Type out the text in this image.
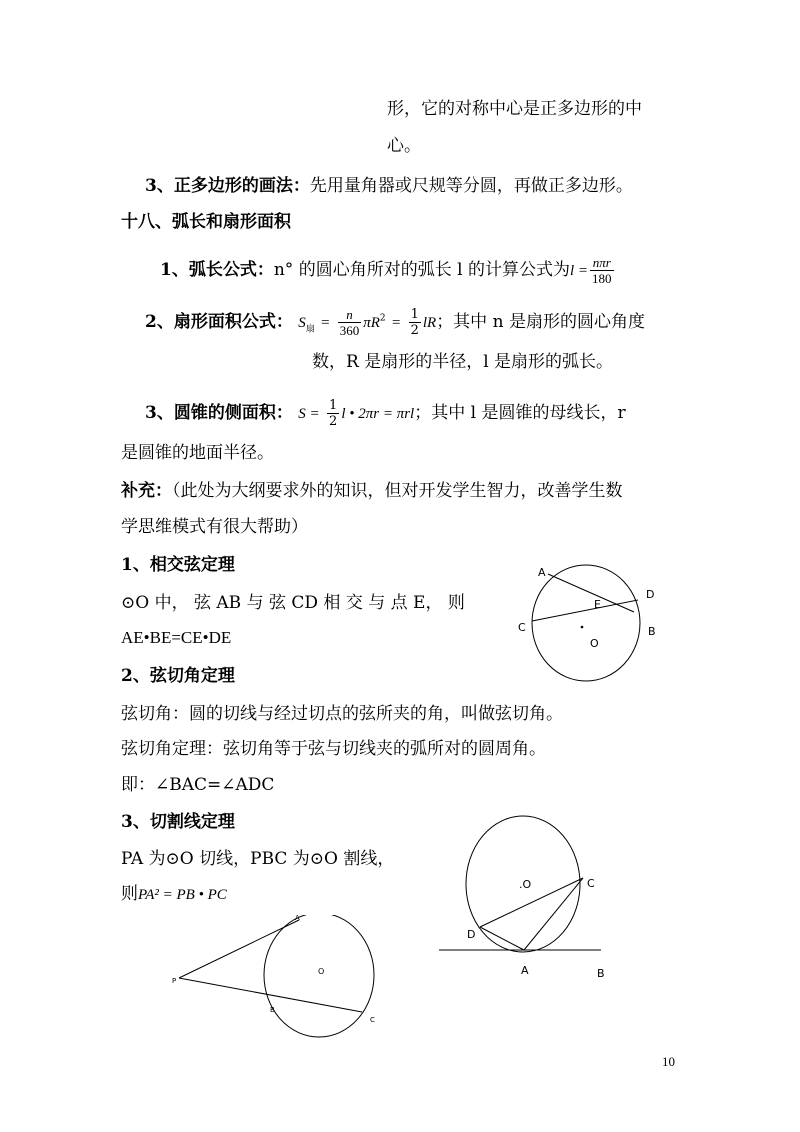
形，它的对称中心是正多边形的中
心。
3、正多边形的画法：先用量角器或尺规等分圆，再做正多边形。
十八、弧长和扇形面积
1、弧长公式：n° 的圆心角所对的弧长 l 的计算公式为$l = \frac{\text{nπr}}{180}$
2、扇形面积公式： $S_扇 = \frac{n}{360} \pi R^2 = \frac{1}{2}$ lR；其中 n 是扇形的圆心角度
数，R 是扇形的半径，l 是扇形的弧长。
3、圆锥的侧面积： $S = \frac{1}{2}$ l • 2πr = πrl；其中 l 是圆锥的母线长，r
是圆锥的地面半径。
补充：（此处为大纲要求外的知识，但对开发学生智力，改善学生数
学思维模式有很大帮助）
1、相交弦定理
⊙O 中， 弦 AB 与 弦 CD 相 交 与 点 E， 则
AE•BE=CE•DE
2、弦切角定理
弦切角：圆的切线与经过切点的弦所夹的角，叫做弦切角。
弦切角定理：弦切角等于弦与切线夹的弧所对的圆周角。
即：∠BAC=∠ADC
3、切割线定理
PA 为⊙O 切线，PBC 为⊙O 割线，
则PA² = PB • PC
A
D
E
C	B
O
.O	C
D
A	B
A
P
O
B
C
10
